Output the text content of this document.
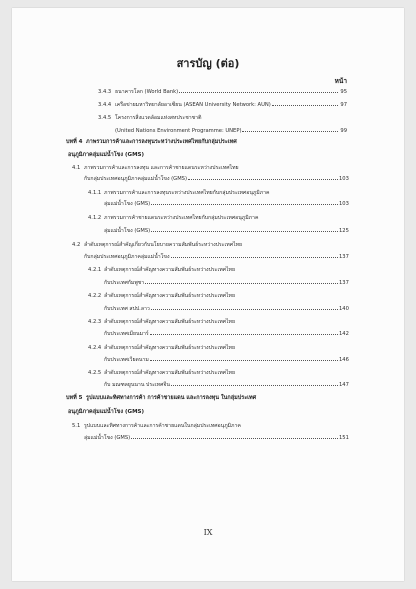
สารบัญ (ต่อ)
หน้า
3.4.3 ธนาคารโลก (World Bank)	95
3.4.4 เครือข่ายมหาวิทยาลัยอาเซียน (ASEAN University Network: AUN)	97
3.4.5 โครงการสิ่งแวดล้อมแห่งสหประชาชาติ
(United Nations Environment Programme: UNEP)	99
บทที่ 4 ภาพรวมการค้าและการลงทุนระหว่างประเทศไทยกับกลุ่มประเทศ
อนุภูมิภาคลุ่มแม่น้ำโขง (GMS)
4.1 ภาพรวมการค้าและการลงทุน และการค้าชายแดนระหว่างประเทศไทย
กับกลุ่มประเทศอนุภูมิภาคลุ่มแม่น้ำโขง (GMS)	103
4.1.1 ภาพรวมการค้าและการลงทุนระหว่างประเทศไทยกับกลุ่มประเทศอนุภูมิภาค
ลุ่มแม่น้ำโขง (GMS)	103
4.1.2 ภาพรวมการค้าชายแดนระหว่างประเทศไทยกับกลุ่มประเทศอนุภูมิภาค
ลุ่มแม่น้ำโขง (GMS)	125
4.2 ลำดับเหตุการณ์สำคัญเกี่ยวกับนโยบายความสัมพันธ์ระหว่างประเทศไทย
กับกลุ่มประเทศอนุภูมิภาคลุ่มแม่น้ำโขง	137
4.2.1 ลำดับเหตุการณ์สำคัญทางความสัมพันธ์ระหว่างประเทศไทย
กับประเทศกัมพูชา	137
4.2.2 ลำดับเหตุการณ์สำคัญทางความสัมพันธ์ระหว่างประเทศไทย
กับประเทศ สปป.ลาว	140
4.2.3 ลำดับเหตุการณ์สำคัญทางความสัมพันธ์ระหว่างประเทศไทย
กับประเทศเมียนมาร์	142
4.2.4 ลำดับเหตุการณ์สำคัญทางความสัมพันธ์ระหว่างประเทศไทย
กับประเทศเวียดนาม	146
4.2.5 ลำดับเหตุการณ์สำคัญทางความสัมพันธ์ระหว่างประเทศไทย
กับ มณฑลยูนนาน ประเทศจีน	147
บทที่ 5 รูปแบบและทิศทางการค้า การค้าชายแดน และการลงทุน ในกลุ่มประเทศ
อนุภูมิภาคลุ่มแม่น้ำโขง (GMS)
5.1 รูปแบบและทิศทางการค้าและการค้าชายแดนในกลุ่มประเทศอนุภูมิภาค
ลุ่มแม่น้ำโขง (GMS)	151
IX
